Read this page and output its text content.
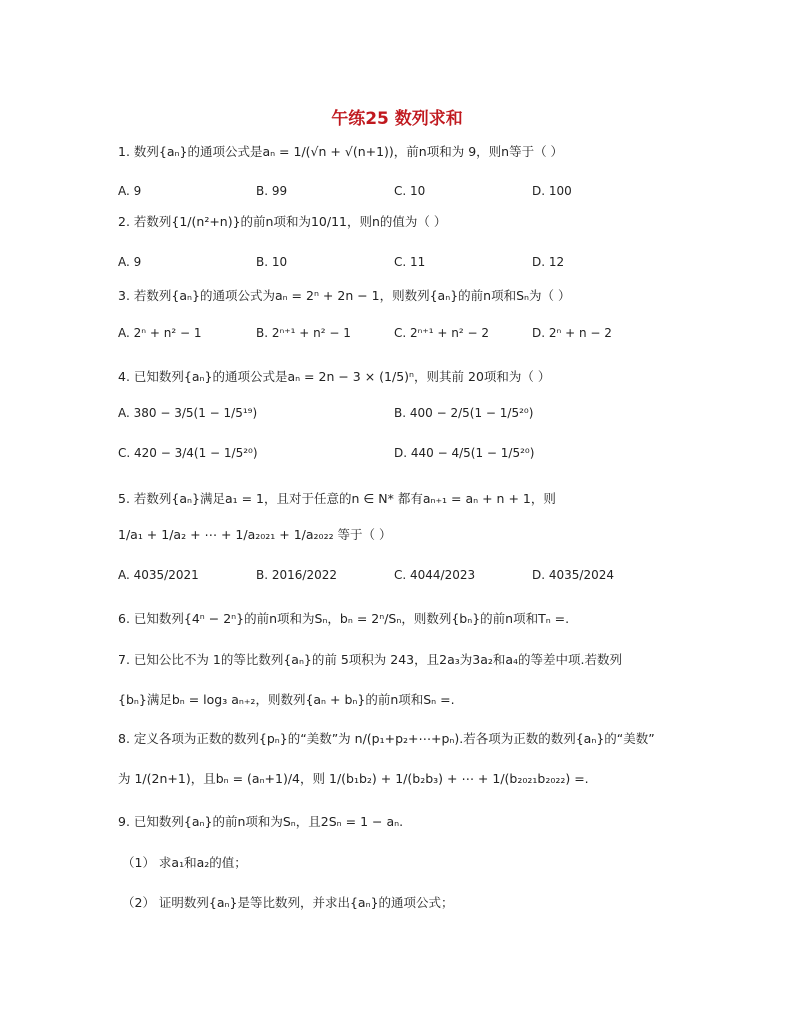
午练25 数列求和
1. 数列{aₙ}的通项公式是aₙ = 1/(√n + √(n+1))，前n项和为 9，则n等于（ ）
A. 9	B. 99	C. 10	D. 100
2. 若数列{1/(n²+n)}的前n项和为10/11，则n的值为（ ）
A. 9	B. 10	C. 11	D. 12
3. 若数列{aₙ}的通项公式为aₙ = 2ⁿ + 2n − 1，则数列{aₙ}的前n项和Sₙ为（ ）
A. 2ⁿ + n² − 1	B. 2ⁿ⁺¹ + n² − 1	C. 2ⁿ⁺¹ + n² − 2	D. 2ⁿ + n − 2
4. 已知数列{aₙ}的通项公式是aₙ = 2n − 3 × (1/5)ⁿ，则其前 20项和为（ ）
A. 380 − 3/5(1 − 1/5¹⁹)	B. 400 − 2/5(1 − 1/5²⁰)
C. 420 − 3/4(1 − 1/5²⁰)	D. 440 − 4/5(1 − 1/5²⁰)
5. 若数列{aₙ}满足a₁ = 1，且对于任意的n ∈ N* 都有aₙ₊₁ = aₙ + n + 1，则
1/a₁ + 1/a₂ + ⋯ + 1/a₂₀₂₁ + 1/a₂₀₂₂ 等于（ ）
A. 4035/2021	B. 2016/2022	C. 4044/2023	D. 4035/2024
6. 已知数列{4ⁿ − 2ⁿ}的前n项和为Sₙ，bₙ = 2ⁿ/Sₙ，则数列{bₙ}的前n项和Tₙ =.
7. 已知公比不为 1的等比数列{aₙ}的前 5项积为 243，且2a₃为3a₂和a₄的等差中项.若数列
{bₙ}满足bₙ = log₃ aₙ₊₂，则数列{aₙ + bₙ}的前n项和Sₙ =.
8. 定义各项为正数的数列{pₙ}的“美数”为 n/(p₁+p₂+⋯+pₙ).若各项为正数的数列{aₙ}的“美数”
为 1/(2n+1)，且bₙ = (aₙ+1)/4，则 1/(b₁b₂) + 1/(b₂b₃) + ⋯ + 1/(b₂₀₂₁b₂₀₂₂) =.
9. 已知数列{aₙ}的前n项和为Sₙ，且2Sₙ = 1 − aₙ.
（1） 求a₁和a₂的值；
（2） 证明数列{aₙ}是等比数列，并求出{aₙ}的通项公式；
